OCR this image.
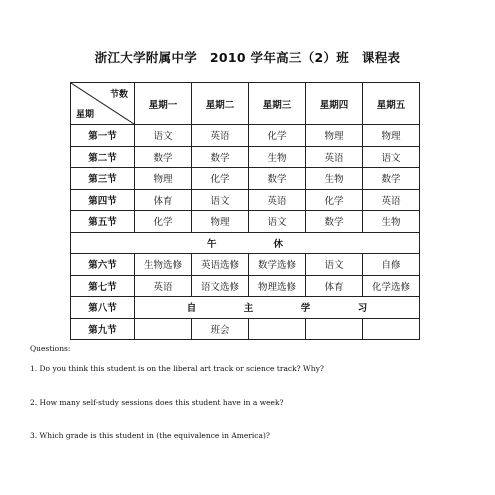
浙江大学附属中学　2010 学年高三（2）班　课程表
节数
星期	星期一	星期二	星期三	星期四	星期五
第一节	语文	英语	化学	物理	物理
第二节	数学	数学	生物	英语	语文
第三节	物理	化学	数学	生物	数学
第四节	体育	语文	英语	化学	英语
第五节	化学	物理	语文	数学	生物
午 休					
第六节	生物选修	英语选修	数学选修	语文	自修
第七节	英语	语文选修	物理选修	体育	化学选修
第八节	自 主 学 习				
第九节		班会			

Questions:

1. Do you think this student is on the liberal art track or science track? Why?

2. How many self-study sessions does this student have in a week?

3. Which grade is this student in (the equivalence in America)?
